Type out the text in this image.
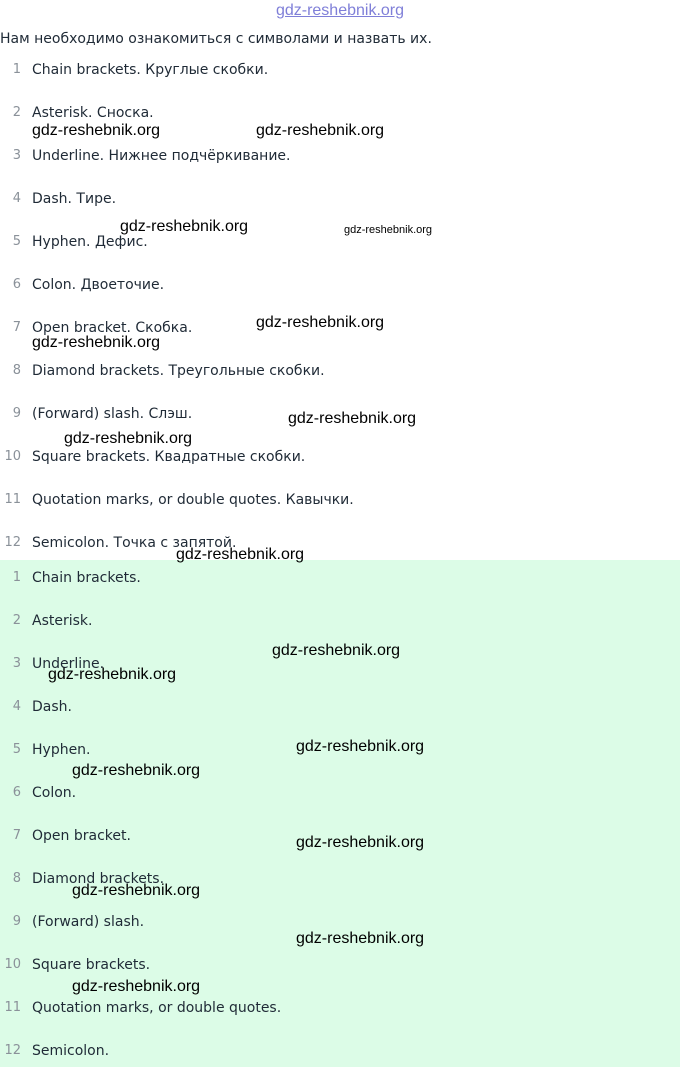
gdz-reshebnik.org
Нам необходимо ознакомиться с символами и назвать их.
1 Chain brackets. Круглые скобки.
2 Asterisk. Сноска.
3 Underline. Нижнее подчёркивание.
4 Dash. Тире.
5 Hyphen. Дефис.
6 Colon. Двоеточие.
7 Open bracket. Скобка.
8 Diamond brackets. Треугольные скобки.
9 (Forward) slash. Слэш.
10 Square brackets. Квадратные скобки.
11 Quotation marks, or double quotes. Кавычки.
12 Semicolon. Точка с запятой.
1 Chain brackets.
2 Asterisk.
3 Underline.
4 Dash.
5 Hyphen.
6 Colon.
7 Open bracket.
8 Diamond brackets.
9 (Forward) slash.
10 Square brackets.
11 Quotation marks, or double quotes.
12 Semicolon.
gdz-reshebnik.org	gdz-reshebnik.org
gdz-reshebnik.org	gdz-reshebnik.org
gdz-reshebnik.org
gdz-reshebnik.org
gdz-reshebnik.org
gdz-reshebnik.org
gdz-reshebnik.org
gdz-reshebnik.org
gdz-reshebnik.org
gdz-reshebnik.org
gdz-reshebnik.org
gdz-reshebnik.org
gdz-reshebnik.org
gdz-reshebnik.org
gdz-reshebnik.org
